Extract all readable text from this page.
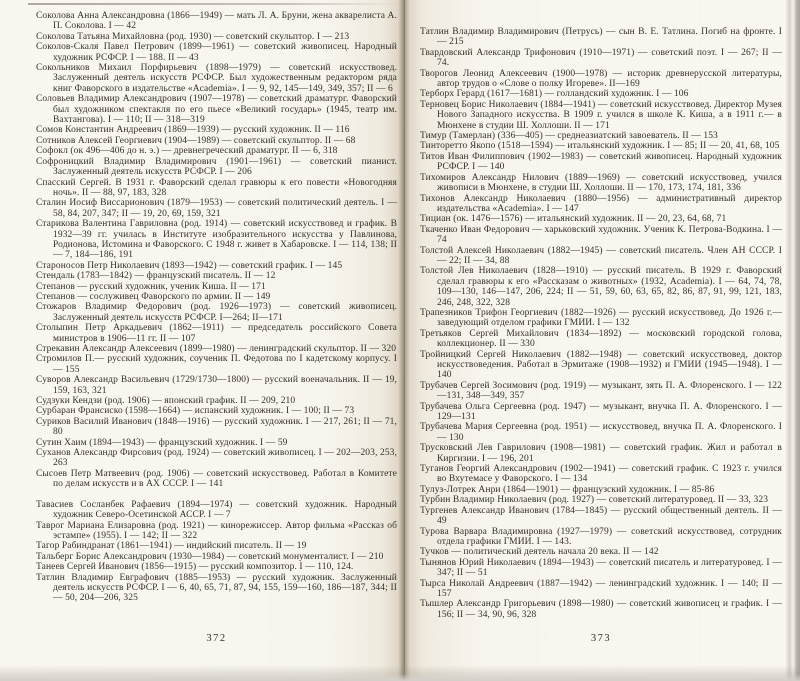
Соколова Анна Александровна (1866—1949) — мать Л. А. Бруни, жена акварелиста А. П. Соколова. I — 42

Соколова Татьяна Михайловна (род. 1930) — советский скульптор. I — 213

Соколов-Скаля Павел Петрович (1899—1961) — советский живописец. Народный художник РСФСР. I — 188. II — 43

Сокольников Михаил Порфирьевич (1898—1979) — советский искусствовед. Заслуженный деятель искусств РСФСР. Был художественным редактором ряда книг Фаворского в издательстве «Academia». I — 9, 92, 145—149, 349, 357; II — 6

Соловьев Владимир Александрович (1907—1978) — советский драматург. Фаворский был художником спектакля по его пьесе «Великий государь» (1945, театр им. Вахтангова). I — 110; II — 318—319

Сомов Константин Андреевич (1869—1939) — русский художник. II — 116

Сотников Алексей Георгиевич (1904—1989) — советский скульптор. II — 68

Софокл (ок 496—406 до н. э.) — древнегреческий драматург. II — 6, 318

Софроницкий Владимир Владимирович (1901—1961) — советский пианист. Заслуженный деятель искусств РСФСР. I — 206

Спасский Сергей. В 1931 г. Фаворский сделал гравюры к его повести «Новогодняя ночь». II — 88, 97, 183, 328

Сталин Иосиф Виссарионович (1879—1953) — советский политический деятель. I — 58, 84, 207, 347; II — 19, 20, 69, 159, 321

Старикова Валентина Гавриловна (род. 1914) — советский искусствовед и график. В 1932—39 гг. училась в Институте изобразительного искусства у Павлинова, Родионова, Истомина и Фаворского. С 1948 г. живет в Хабаровске. I — 114, 138; II — 7, 184—186, 191

Староносов Петр Николаевич (1893—1942) — советский график. I — 145

Стендаль (1783—1842) — французский писатель. II — 12

Степанов — русский художник, ученик Киша. II — 171

Степанов — сослуживец Фаворского по армии. II — 149

Стожаров Владимир Федорович (род. 1926—1973) — советский живописец. Заслуженный деятель искусств РСФСР. I—264; II—171

Столыпин Петр Аркадьевич (1862—1911) — председатель российского Совета министров в 1906—11 гг. II — 107

Стрекавин Александр Алексеевич (1899—1980) — ленинградский скульптор. II — 320

Стромилов П.— русский художник, соученик П. Федотова по I кадетскому корпусу. I — 155

Суворов Александр Васильевич (1729/1730—1800) — русский военачальник. II — 19, 159, 163, 321

Судзуки Кендзи (род. 1906) — японский график. II — 209, 210

Сурбаран Франсиско (1598—1664) — испанский художник. I — 100; II — 73

Суриков Василий Иванович (1848—1916) — русский художник. I — 217, 261; II — 71, 80

Сутин Хаим (1894—1943) — французский художник. I — 59

Суханов Александр Фирсович (род. 1924) — советский живописец. I — 202—203, 253, 263

Сысоев Петр Матвеевич (род. 1906) — советский искусствовед. Работал в Комитете по делам искусств и в АХ СССР. I — 141

Тавасиев Сосланбек Рафаевич (1894—1974) — советский художник. Народный художник Северо-Осетинской АССР. I — 7

Таврог Мариана Елизаровна (род. 1921) — кинорежиссер. Автор фильма «Рассказ об эстампе» (1955). I — 142; II — 322

Тагор Рабиндранат (1861—1941) — индийский писатель. II — 19

Тальберг Борис Александрович (1930—1984) — советский монументалист. I — 210

Танеев Сергей Иванович (1856—1915) — русский композитор. I — 110, 124.

Татлин Владимир Евграфович (1885—1953) — русский художник. Заслуженный деятель искусств РСФСР. I — 6, 40, 65, 71, 87, 94, 155, 159—160, 186—187, 344; II — 50, 204—206, 325

Татлин Владимир Владимирович (Петрусь) — сын В. Е. Татлина. Погиб на фронте. I — 215

Твардовский Александр Трифонович (1910—1971) — советский поэт. I — 267; II — 74.

Творогов Леонид Алексеевич (1900—1978) — историк древнерусской литературы, автор трудов о «Слове о полку Игореве». II—169

Терборх Герард (1617—1681) — голландский художник. I — 106

Терновец Борис Николаевич (1884—1941) — советский искусствовед. Директор Музея Нового Западного искусства. В 1909 г. учился в школе К. Киша, а в 1911 г.— в Мюнхене в студии Ш. Холлоши. II — 171

Тимур (Тамерлан) (336—405) — среднеазиатский завоеватель. II — 153

Тинторетто Якопо (1518—1594) — итальянский художник. I — 85; II — 20, 41, 68, 105

Титов Иван Филиппович (1902—1983) — советский живописец. Народный художник РСФСР. I — 140

Тихомиров Александр Нилович (1889—1969) — советский искусствовед, учился живописи в Мюнхене, в студии Ш. Холлоши. II — 170, 173, 174, 181, 336

Тихонов Александр Николаевич (1880—1956) — административный директор издательства «Academia». I — 147

Тициан (ок. 1476—1576) — итальянский художник. II — 20, 23, 64, 68, 71

Ткаченко Иван Федорович — харьковский художник. Ученик К. Петрова-Водкина. I — 74

Толстой Алексей Николаевич (1882—1945) — советский писатель. Член АН СССР. I — 22; II — 34, 88

Толстой Лев Николаевич (1828—1910) — русский писатель. В 1929 г. Фаворский сделал гравюры к его «Рассказам о животных» (1932, Academia). I — 64, 74, 78, 109—130, 146—147, 206, 224; II — 51, 59, 60, 63, 65, 82, 86, 87, 91, 99, 121, 183, 246, 248, 322, 328

Трапезников Трифон Георгиевич (1882—1926) — русский искусствовед. До 1926 г.— заведующий отделом графики ГМИИ. I — 132

Третьяков Сергей Михайлович (1834—1892) — московский городской голова, коллекционер. II — 330

Тройницкий Сергей Николаевич (1882—1948) — советский искусствовед, доктор искусствоведения. Работал в Эрмитаже (1908—1932) и ГМИИ (1945—1948). I — 140

Трубачев Сергей Зосимович (род. 1919) — музыкант, зять П. А. Флоренского. I — 122—131, 348—349, 357

Трубачева Ольга Сергеевна (род. 1947) — музыкант, внучка П. А. Флоренского. I — 129—131

Трубачева Мария Сергеевна (род. 1951) — искусствовед, внучка П. А. Флоренского. I — 130

Трусковский Лев Гаврилович (1908—1981) — советский график. Жил и работал в Киргизии. I — 196, 201

Туганов Георгий Александрович (1902—1941) — советский график. С 1923 г. учился во Вхутемасе у Фаворского. I — 134

Тулуз-Лотрек Анри (1864—1901) — французский художник. I — 85-86

Турбин Владимир Николаевич (род. 1927) — советский литературовед. II — 33, 323

Тургенев Александр Иванович (1784—1845) — русский общественный деятель. II — 49

Турова Варвара Владимировна (1927—1979) — советский искусствовед, сотрудник отдела графики ГМИИ. I — 143.

Тучков — политический деятель начала 20 века. II — 142

Тынянов Юрий Николаевич (1894—1943) — советский писатель и литературовед. I — 347; II — 51

Тырса Николай Андреевич (1887—1942) — ленинградский художник. I — 140; II — 157

Тышлер Александр Григорьевич (1898—1980) — советский живописец и график. I — 156; II — 34, 90, 96, 328

372	373
